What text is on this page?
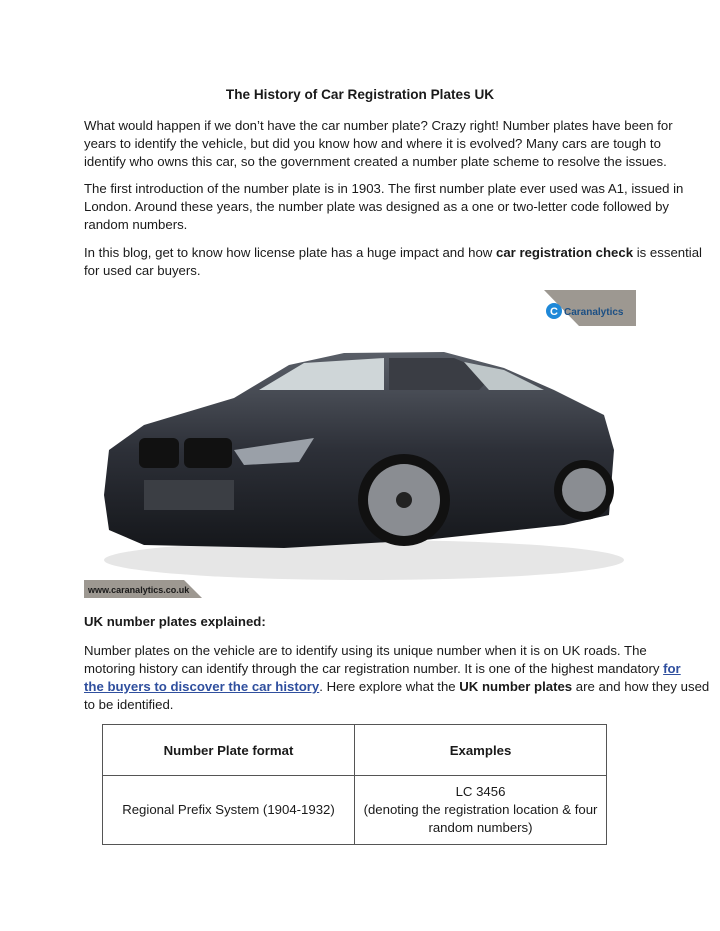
The History of Car Registration Plates UK
What would happen if we don’t have the car number plate? Crazy right! Number plates have been for
years to identify the vehicle, but did you know how and where it is evolved? Many cars are tough to
identify who owns this car, so the government created a number plate scheme to resolve the issues.
The first introduction of the number plate is in 1903. The first number plate ever used was A1, issued in
London. Around these years, the number plate was designed as a one or two-letter code followed by
random numbers.
In this blog, get to know how license plate has a huge impact and how car registration check is essential
for used car buyers.
C Caranalytics
www.caranalytics.co.uk
UK number plates explained:
Number plates on the vehicle are to identify using its unique number when it is on UK roads. The
motoring history can identify through the car registration number. It is one of the highest mandatory for
the buyers to discover the car history. Here explore what the UK number plates are and how they used
to be identified.
Number Plate format	Examples
Regional Prefix System (1904-1932)	LC 3456
(denoting the registration location & four
random numbers)
